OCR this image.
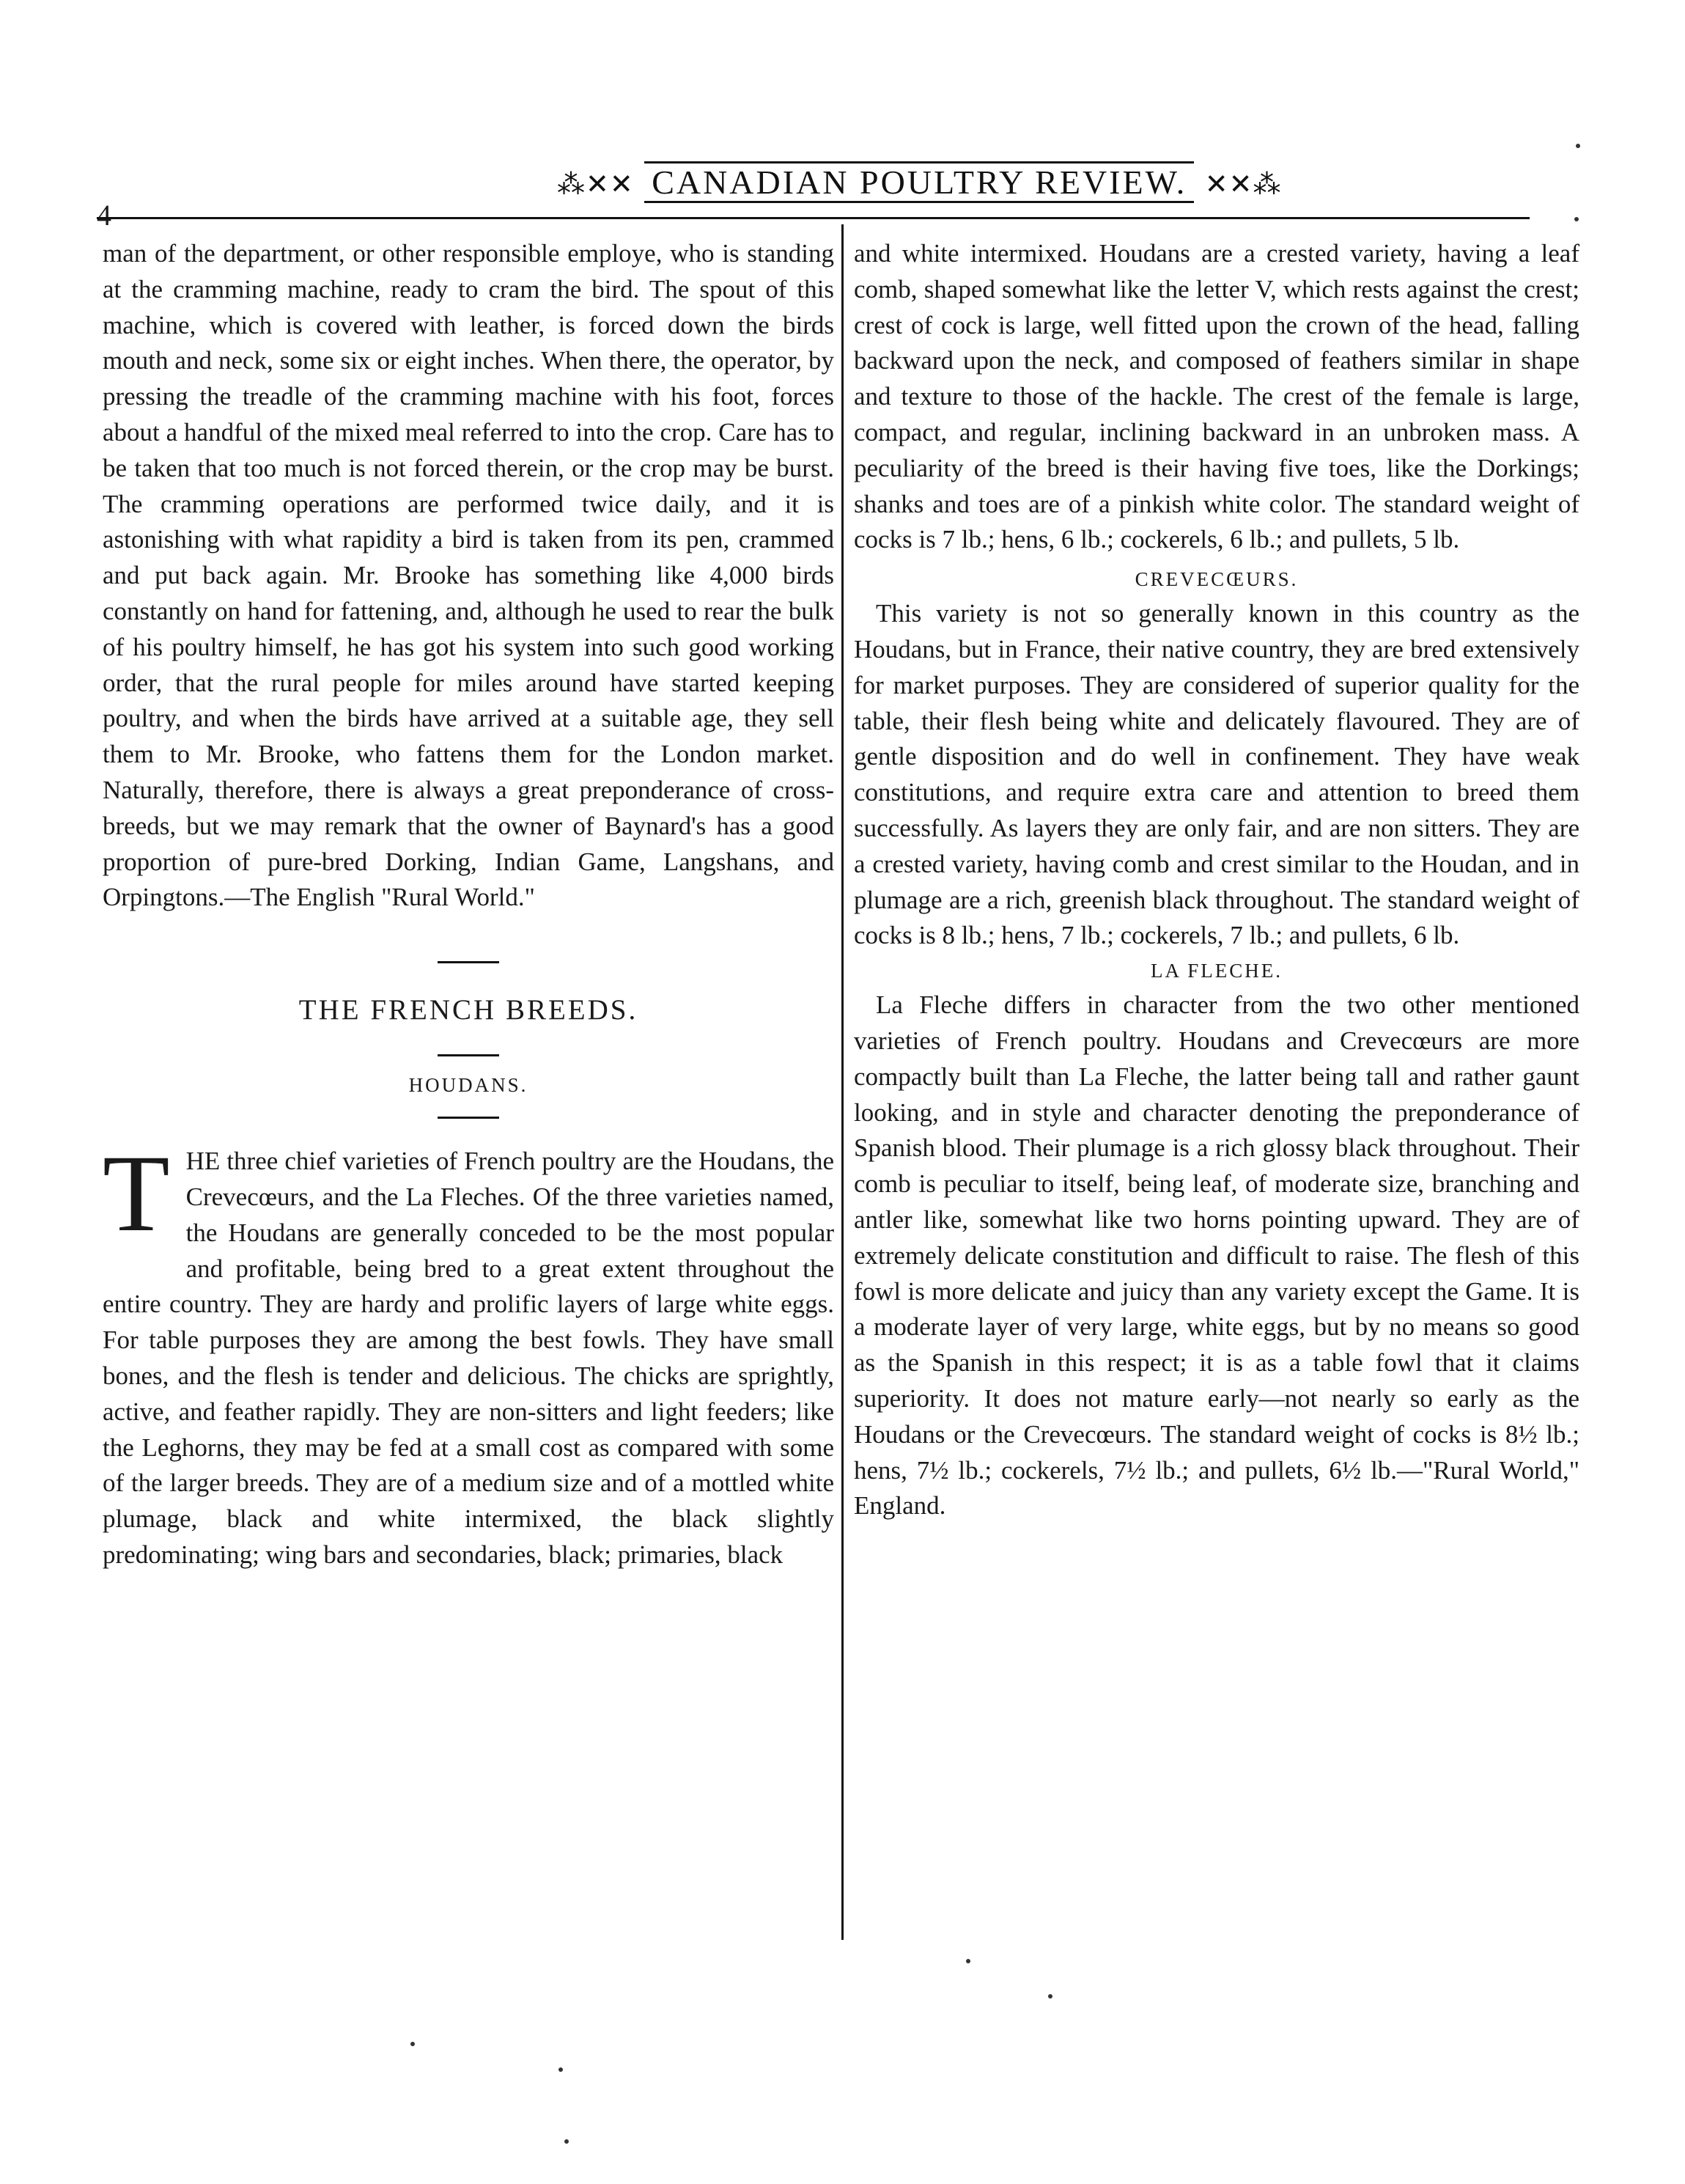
⁂✕✕ CANADIAN POULTRY REVIEW. ✕✕⁂
4

man of the department, or other responsible employe, who is standing at the cramming machine, ready to cram the bird. The spout of this machine, which is covered with leather, is forced down the birds mouth and neck, some six or eight inches. When there, the operator, by pressing the treadle of the cramming machine with his foot, forces about a handful of the mixed meal referred to into the crop. Care has to be taken that too much is not forced therein, or the crop may be burst. The cramming operations are performed twice daily, and it is astonishing with what rapidity a bird is taken from its pen, crammed and put back again. Mr. Brooke has something like 4,000 birds constantly on hand for fattening, and, although he used to rear the bulk of his poultry himself, he has got his system into such good working order, that the rural people for miles around have started keeping poultry, and when the birds have arrived at a suitable age, they sell them to Mr. Brooke, who fattens them for the London market. Naturally, therefore, there is always a great preponderance of cross-breeds, but we may remark that the owner of Baynard's has a good proportion of pure-bred Dorking, Indian Game, Langshans, and Orpingtons.—The English "Rural World."

THE FRENCH BREEDS.

HOUDANS.

THE three chief varieties of French poultry are the Houdans, the Crevecœurs, and the La Fleches. Of the three varieties named, the Houdans are generally conceded to be the most popular and profitable, being bred to a great extent throughout the entire country. They are hardy and prolific layers of large white eggs. For table purposes they are among the best fowls. They have small bones, and the flesh is tender and delicious. The chicks are sprightly, active, and feather rapidly. They are non-sitters and light feeders; like the Leghorns, they may be fed at a small cost as compared with some of the larger breeds. They are of a medium size and of a mottled white plumage, black and white intermixed, the black slightly predominating; wing bars and secondaries, black; primaries, black

and white intermixed. Houdans are a crested variety, having a leaf comb, shaped somewhat like the letter V, which rests against the crest; crest of cock is large, well fitted upon the crown of the head, falling backward upon the neck, and composed of feathers similar in shape and texture to those of the hackle. The crest of the female is large, compact, and regular, inclining backward in an unbroken mass. A peculiarity of the breed is their having five toes, like the Dorkings; shanks and toes are of a pinkish white color. The standard weight of cocks is 7 lb.; hens, 6 lb.; cockerels, 6 lb.; and pullets, 5 lb.

CREVECŒURS.

This variety is not so generally known in this country as the Houdans, but in France, their native country, they are bred extensively for market purposes. They are considered of superior quality for the table, their flesh being white and delicately flavoured. They are of gentle disposition and do well in confinement. They have weak constitutions, and require extra care and attention to breed them successfully. As layers they are only fair, and are non sitters. They are a crested variety, having comb and crest similar to the Houdan, and in plumage are a rich, greenish black throughout. The standard weight of cocks is 8 lb.; hens, 7 lb.; cockerels, 7 lb.; and pullets, 6 lb.

LA FLECHE.

La Fleche differs in character from the two other mentioned varieties of French poultry. Houdans and Crevecœurs are more compactly built than La Fleche, the latter being tall and rather gaunt looking, and in style and character denoting the preponderance of Spanish blood. Their plumage is a rich glossy black throughout. Their comb is peculiar to itself, being leaf, of moderate size, branching and antler like, somewhat like two horns pointing upward. They are of extremely delicate constitution and difficult to raise. The flesh of this fowl is more delicate and juicy than any variety except the Game. It is a moderate layer of very large, white eggs, but by no means so good as the Spanish in this respect; it is as a table fowl that it claims superiority. It does not mature early—not nearly so early as the Houdans or the Crevecœurs. The standard weight of cocks is 8½ lb.; hens, 7½ lb.; cockerels, 7½ lb.; and pullets, 6½ lb.—"Rural World," England.
